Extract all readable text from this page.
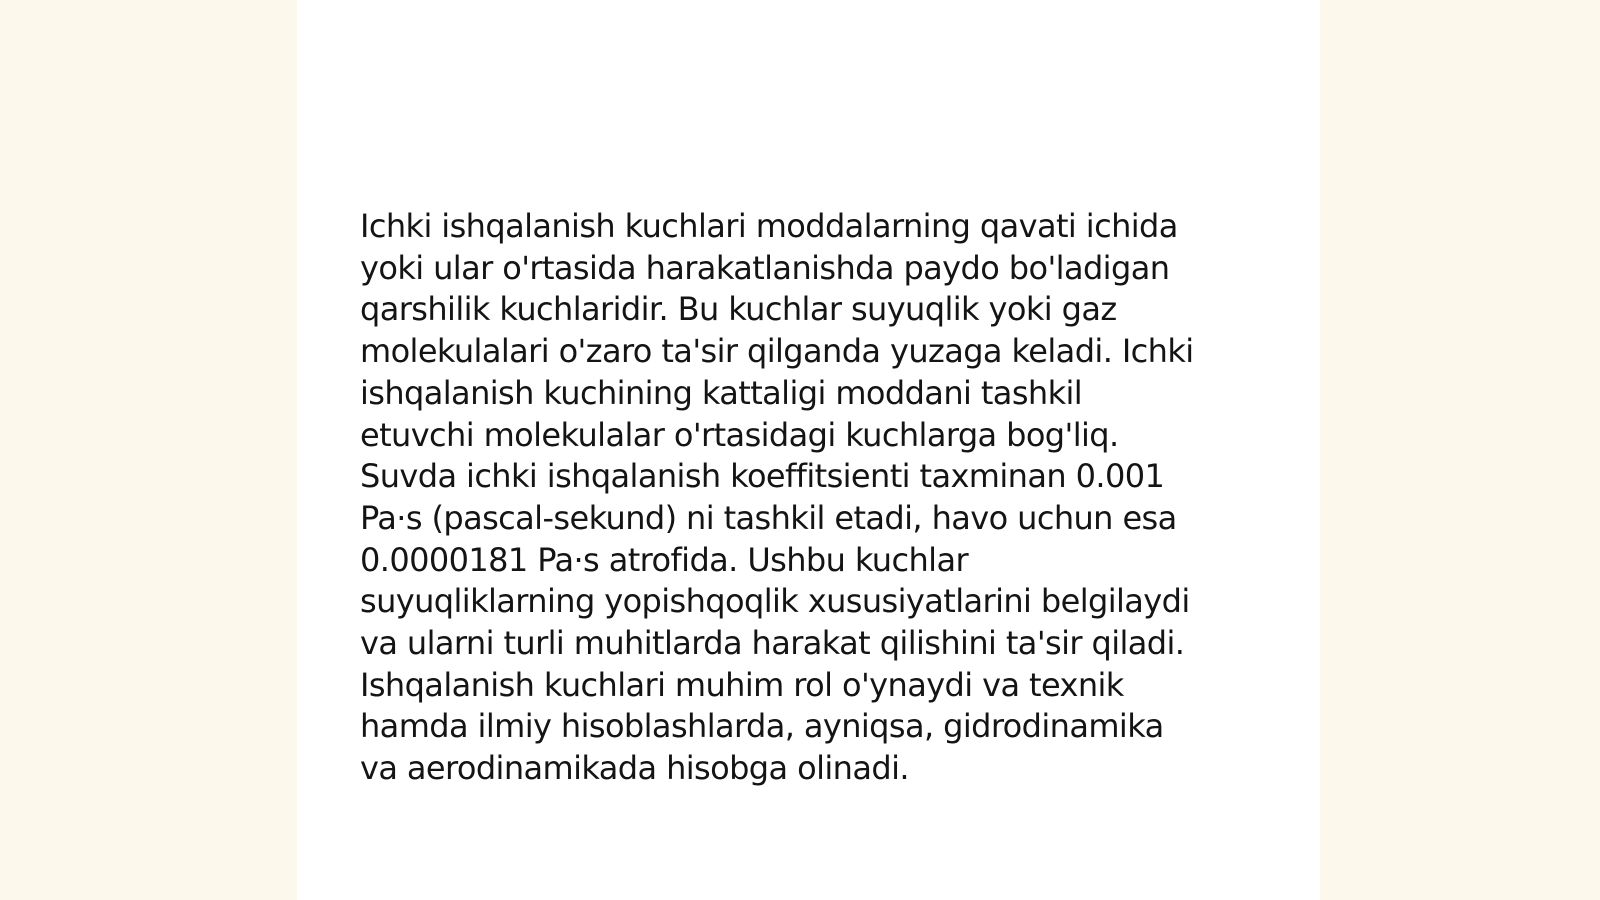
Ichki ishqalanish kuchlari moddalarning qavati ichida
yoki ular o'rtasida harakatlanishda paydo bo'ladigan
qarshilik kuchlaridir. Bu kuchlar suyuqlik yoki gaz
molekulalari o'zaro ta'sir qilganda yuzaga keladi. Ichki
ishqalanish kuchining kattaligi moddani tashkil
etuvchi molekulalar o'rtasidagi kuchlarga bog'liq.
Suvda ichki ishqalanish koeffitsienti taxminan 0.001
Pa·s (pascal-sekund) ni tashkil etadi, havo uchun esa
0.0000181 Pa·s atrofida. Ushbu kuchlar
suyuqliklarning yopishqoqlik xususiyatlarini belgilaydi
va ularni turli muhitlarda harakat qilishini ta'sir qiladi.
Ishqalanish kuchlari muhim rol o'ynaydi va texnik
hamda ilmiy hisoblashlarda, ayniqsa, gidrodinamika
va aerodinamikada hisobga olinadi.
